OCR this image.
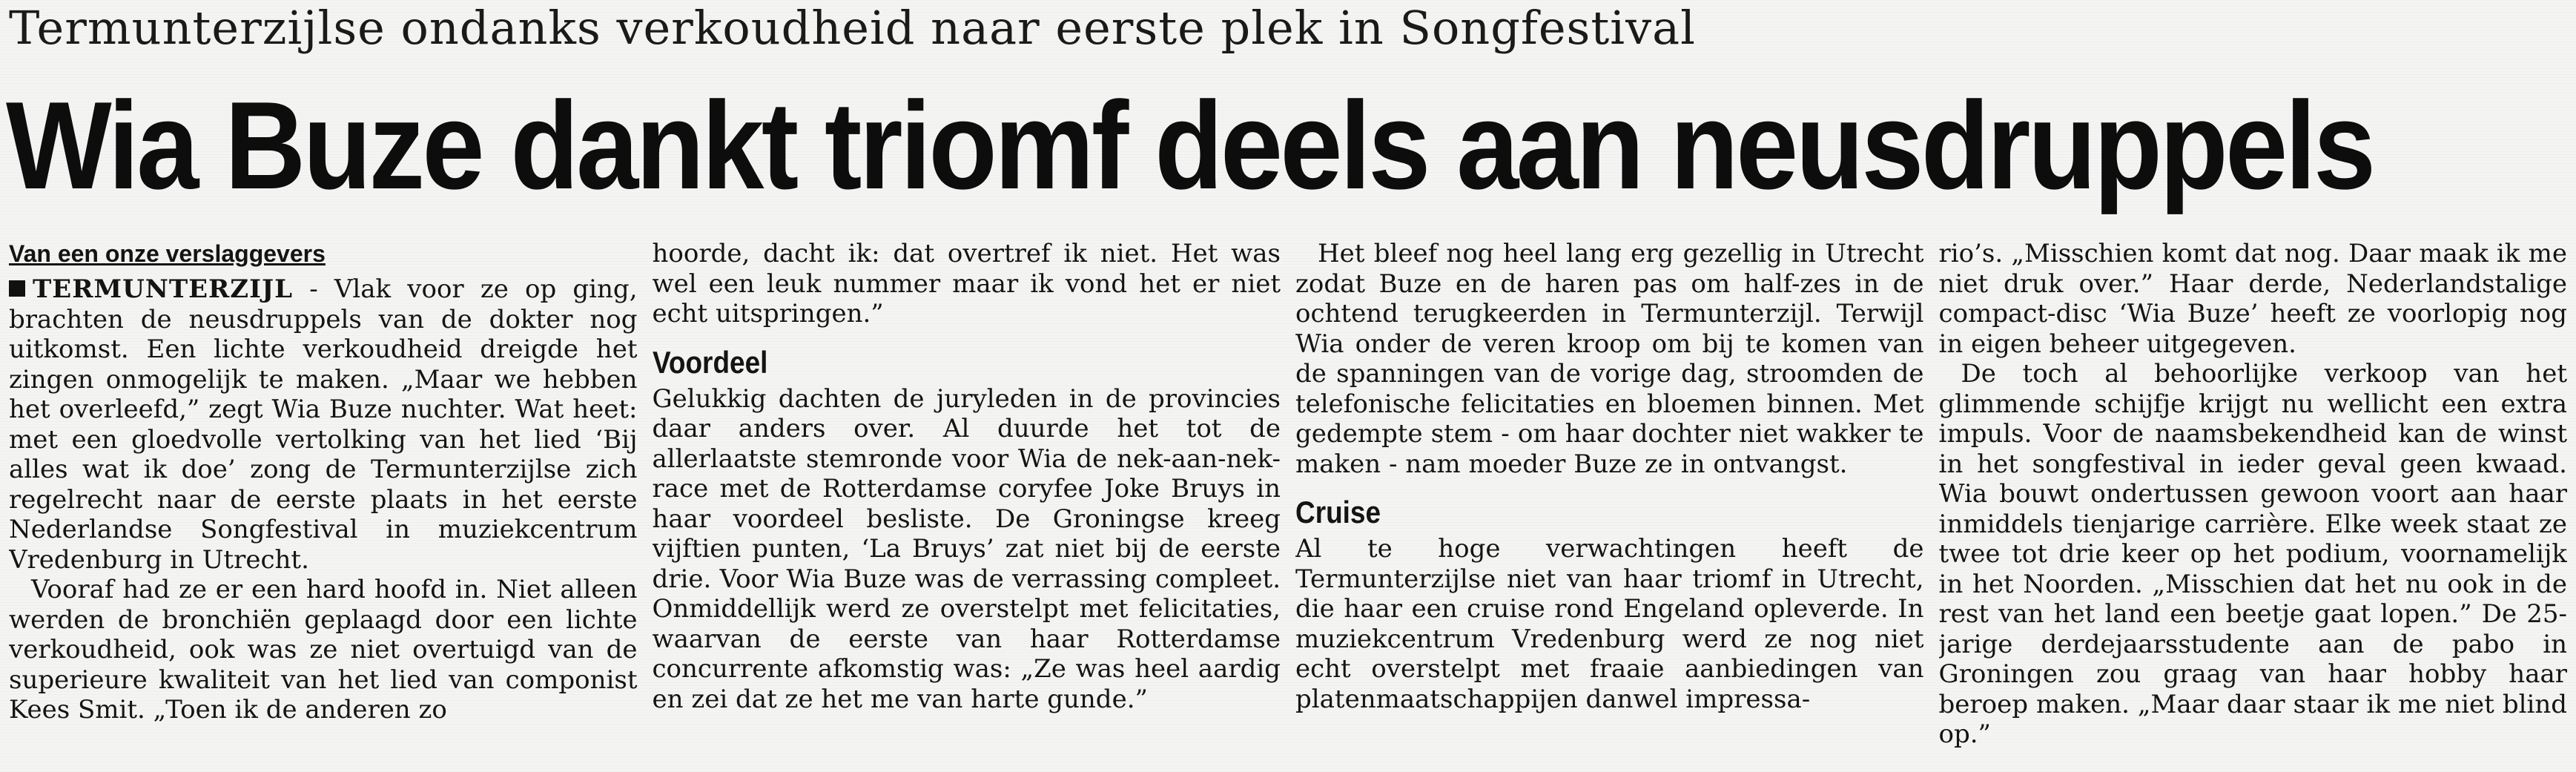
Termunterzijlse ondanks verkoudheid naar eerste plek in Songfestival
Wia Buze dankt triomf deels aan neusdruppels
Van een onze verslaggevers

TERMUNTERZIJL - Vlak voor ze op ging, brachten de neusdruppels van de dokter nog uitkomst. Een lichte verkoudheid dreigde het zingen onmogelijk te maken. „Maar we hebben het overleefd,” zegt Wia Buze nuchter. Wat heet: met een gloedvolle vertolking van het lied ‘Bij alles wat ik doe’ zong de Termunterzijlse zich regelrecht naar de eerste plaats in het eerste Nederlandse Songfestival in muziekcentrum Vredenburg in Utrecht.

Vooraf had ze er een hard hoofd in. Niet alleen werden de bronchiën geplaagd door een lichte verkoudheid, ook was ze niet overtuigd van de superieure kwaliteit van het lied van componist Kees Smit. „Toen ik de anderen zo

hoorde, dacht ik: dat overtref ik niet. Het was wel een leuk nummer maar ik vond het er niet echt uitspringen.”

Voordeel

Gelukkig dachten de juryleden in de provincies daar anders over. Al duurde het tot de allerlaatste stemronde voor Wia de nek-aan-nek-race met de Rotterdamse coryfee Joke Bruys in haar voordeel besliste. De Groningse kreeg vijftien punten, ‘La Bruys’ zat niet bij de eerste drie. Voor Wia Buze was de verrassing compleet. Onmiddellijk werd ze overstelpt met felicitaties, waarvan de eerste van haar Rotterdamse concurrente afkomstig was: „Ze was heel aardig en zei dat ze het me van harte gunde.”

Het bleef nog heel lang erg gezellig in Utrecht zodat Buze en de haren pas om half-zes in de ochtend terugkeerden in Termunterzijl. Terwijl Wia onder de veren kroop om bij te komen van de spanningen van de vorige dag, stroomden de telefonische felicitaties en bloemen binnen. Met gedempte stem - om haar dochter niet wakker te maken - nam moeder Buze ze in ontvangst.

Cruise

Al te hoge verwachtingen heeft de Termunterzijlse niet van haar triomf in Utrecht, die haar een cruise rond Engeland opleverde. In muziekcentrum Vredenburg werd ze nog niet echt overstelpt met fraaie aanbiedingen van platenmaatschappijen danwel impressa-

rio’s. „Misschien komt dat nog. Daar maak ik me niet druk over.” Haar derde, Nederlandstalige compact-disc ‘Wia Buze’ heeft ze voorlopig nog in eigen beheer uitgegeven.

De toch al behoorlijke verkoop van het glimmende schijfje krijgt nu wellicht een extra impuls. Voor de naamsbekendheid kan de winst in het songfestival in ieder geval geen kwaad. Wia bouwt ondertussen gewoon voort aan haar inmiddels tienjarige carrière. Elke week staat ze twee tot drie keer op het podium, voornamelijk in het Noorden. „Misschien dat het nu ook in de rest van het land een beetje gaat lopen.” De 25-jarige derdejaarsstudente aan de pabo in Groningen zou graag van haar hobby haar beroep maken. „Maar daar staar ik me niet blind op.”
